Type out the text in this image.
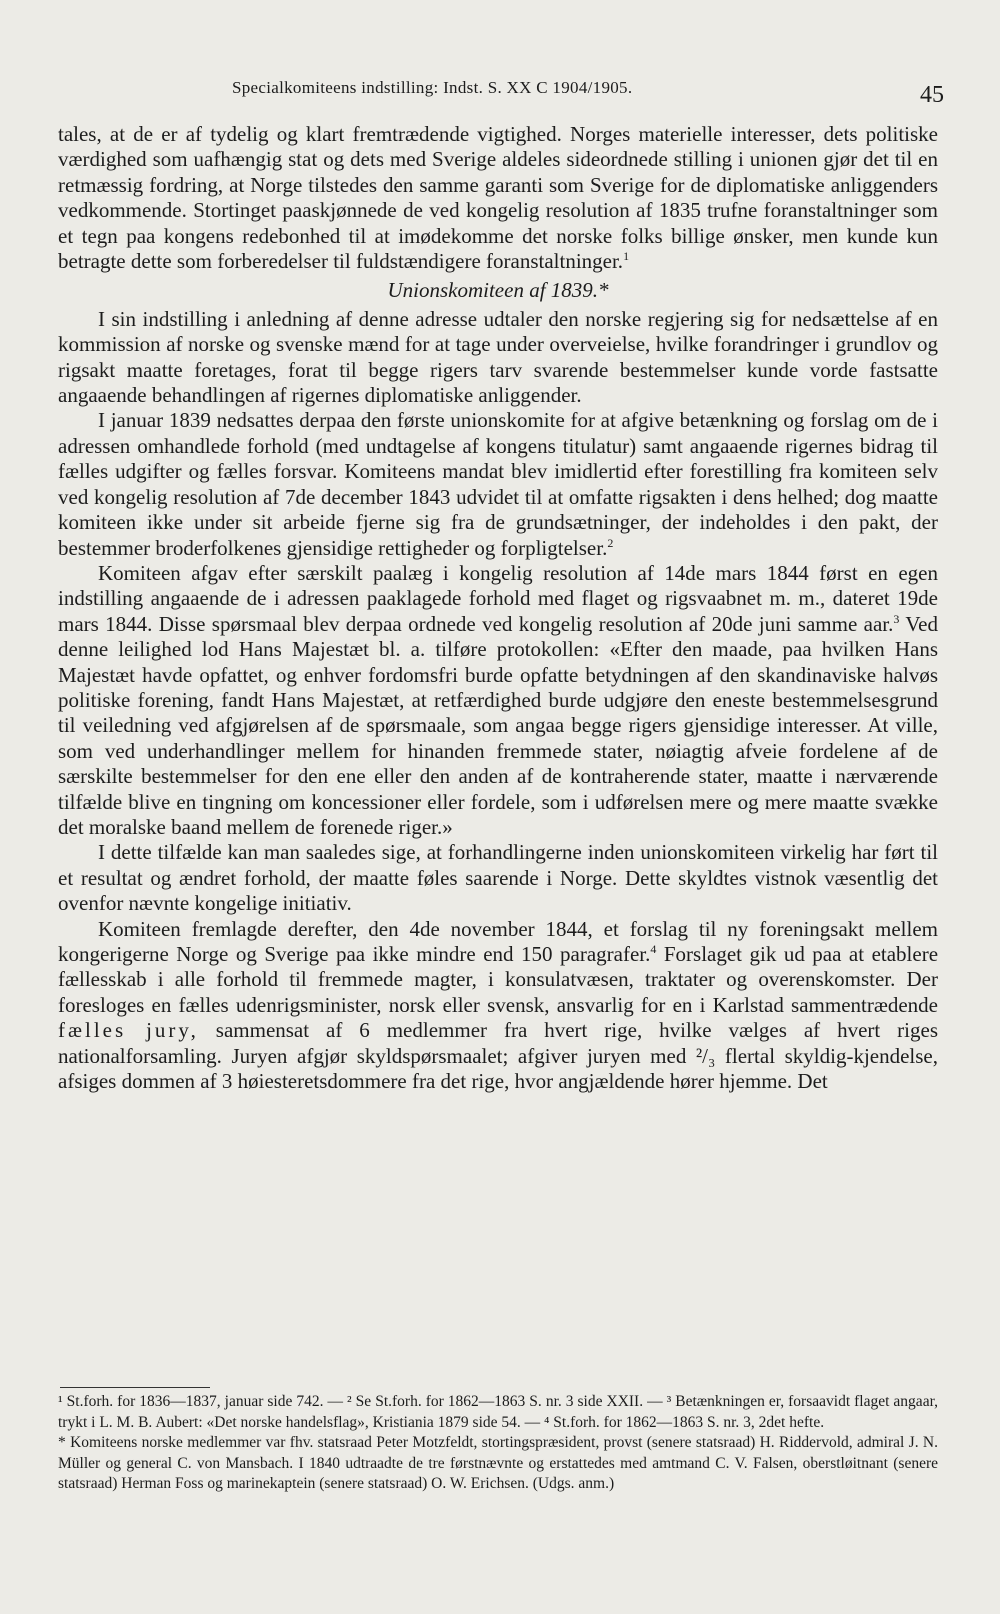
Specialkomiteens indstilling: Indst. S. XX C 1904/1905.	45

tales, at de er af tydelig og klart fremtrædende vigtighed. Norges materielle interesser, dets politiske værdighed som uafhængig stat og dets med Sverige aldeles sideordnede stilling i unionen gjør det til en retmæssig fordring, at Norge tilstedes den samme garanti som Sverige for de diplomatiske anliggenders vedkommende. Stortinget paaskjønnede de ved kongelig resolution af 1835 trufne foranstaltninger som et tegn paa kongens redebonhed til at imødekomme det norske folks billige ønsker, men kunde kun betragte dette som forberedelser til fuldstændigere foranstaltninger.$^1$

Unionskomiteen af 1839.*

I sin indstilling i anledning af denne adresse udtaler den norske regjering sig for nedsættelse af en kommission af norske og svenske mænd for at tage under overveielse, hvilke forandringer i grundlov og rigsakt maatte foretages, forat til begge rigers tarv svarende bestemmelser kunde vorde fastsatte angaaende behandlingen af rigernes diplomatiske anliggender.

I januar 1839 nedsattes derpaa den første unionskomite for at afgive betænkning og forslag om de i adressen omhandlede forhold (med undtagelse af kongens titulatur) samt angaaende rigernes bidrag til fælles udgifter og fælles forsvar. Komiteens mandat blev imidlertid efter forestilling fra komiteen selv ved kongelig resolution af 7de december 1843 udvidet til at omfatte rigsakten i dens helhed; dog maatte komiteen ikke under sit arbeide fjerne sig fra de grundsætninger, der indeholdes i den pakt, der bestemmer broderfolkenes gjensidige rettigheder og forpligtelser.$^2$

Komiteen afgav efter særskilt paalæg i kongelig resolution af 14de mars 1844 først en egen indstilling angaaende de i adressen paaklagede forhold med flaget og rigsvaabnet m. m., dateret 19de mars 1844. Disse spørsmaal blev derpaa ordnede ved kongelig resolution af 20de juni samme aar.$^3$ Ved denne leilighed lod Hans Majestæt bl. a. tilføre protokollen: «Efter den maade, paa hvilken Hans Majestæt havde opfattet, og enhver fordomsfri burde opfatte betydningen af den skandinaviske halvøs politiske forening, fandt Hans Majestæt, at retfærdighed burde udgjøre den eneste bestemmelsesgrund til veiledning ved afgjørelsen af de spørsmaale, som angaa begge rigers gjensidige interesser. At ville, som ved underhandlinger mellem for hinanden fremmede stater, nøiagtig afveie fordelene af de særskilte bestemmelser for den ene eller den anden af de kontraherende stater, maatte i nærværende tilfælde blive en tingning om koncessioner eller fordele, som i udførelsen mere og mere maatte svække det moralske baand mellem de forenede riger.»

I dette tilfælde kan man saaledes sige, at forhandlingerne inden unionskomiteen virkelig har ført til et resultat og ændret forhold, der maatte føles saarende i Norge. Dette skyldtes vistnok væsentlig det ovenfor nævnte kongelige initiativ.

Komiteen fremlagde derefter, den 4de november 1844, et forslag til ny foreningsakt mellem kongerigerne Norge og Sverige paa ikke mindre end 150 paragrafer.$^4$ Forslaget gik ud paa at etablere fællesskab i alle forhold til fremmede magter, i konsulatvæsen, traktater og overenskomster. Der foresloges en fælles udenrigsminister, norsk eller svensk, ansvarlig for en i Karlstad sammentrædende fælles jury, sammensat af 6 medlemmer fra hvert rige, hvilke vælges af hvert riges nationalforsamling. Juryen afgjør skyldspørsmaalet; afgiver juryen med ²/₃ flertal skyldig-kjendelse, afsiges dommen af 3 høiesteretsdommere fra det rige, hvor angjældende hører hjemme. Det

¹ St.forh. for 1836—1837, januar side 742. — ² Se St.forh. for 1862—1863 S. nr. 3 side XXII. — ³ Betænkningen er, forsaavidt flaget angaar, trykt i L. M. B. Aubert: «Det norske handelsflag», Kristiania 1879 side 54. — ⁴ St.forh. for 1862—1863 S. nr. 3, 2det hefte.

* Komiteens norske medlemmer var fhv. statsraad Peter Motzfeldt, stortingspræsident, provst (senere statsraad) H. Riddervold, admiral J. N. Müller og general C. von Mansbach. I 1840 udtraadte de tre førstnævnte og erstattedes med amtmand C. V. Falsen, oberstløitnant (senere statsraad) Herman Foss og marinekaptein (senere statsraad) O. W. Erichsen. (Udgs. anm.)
